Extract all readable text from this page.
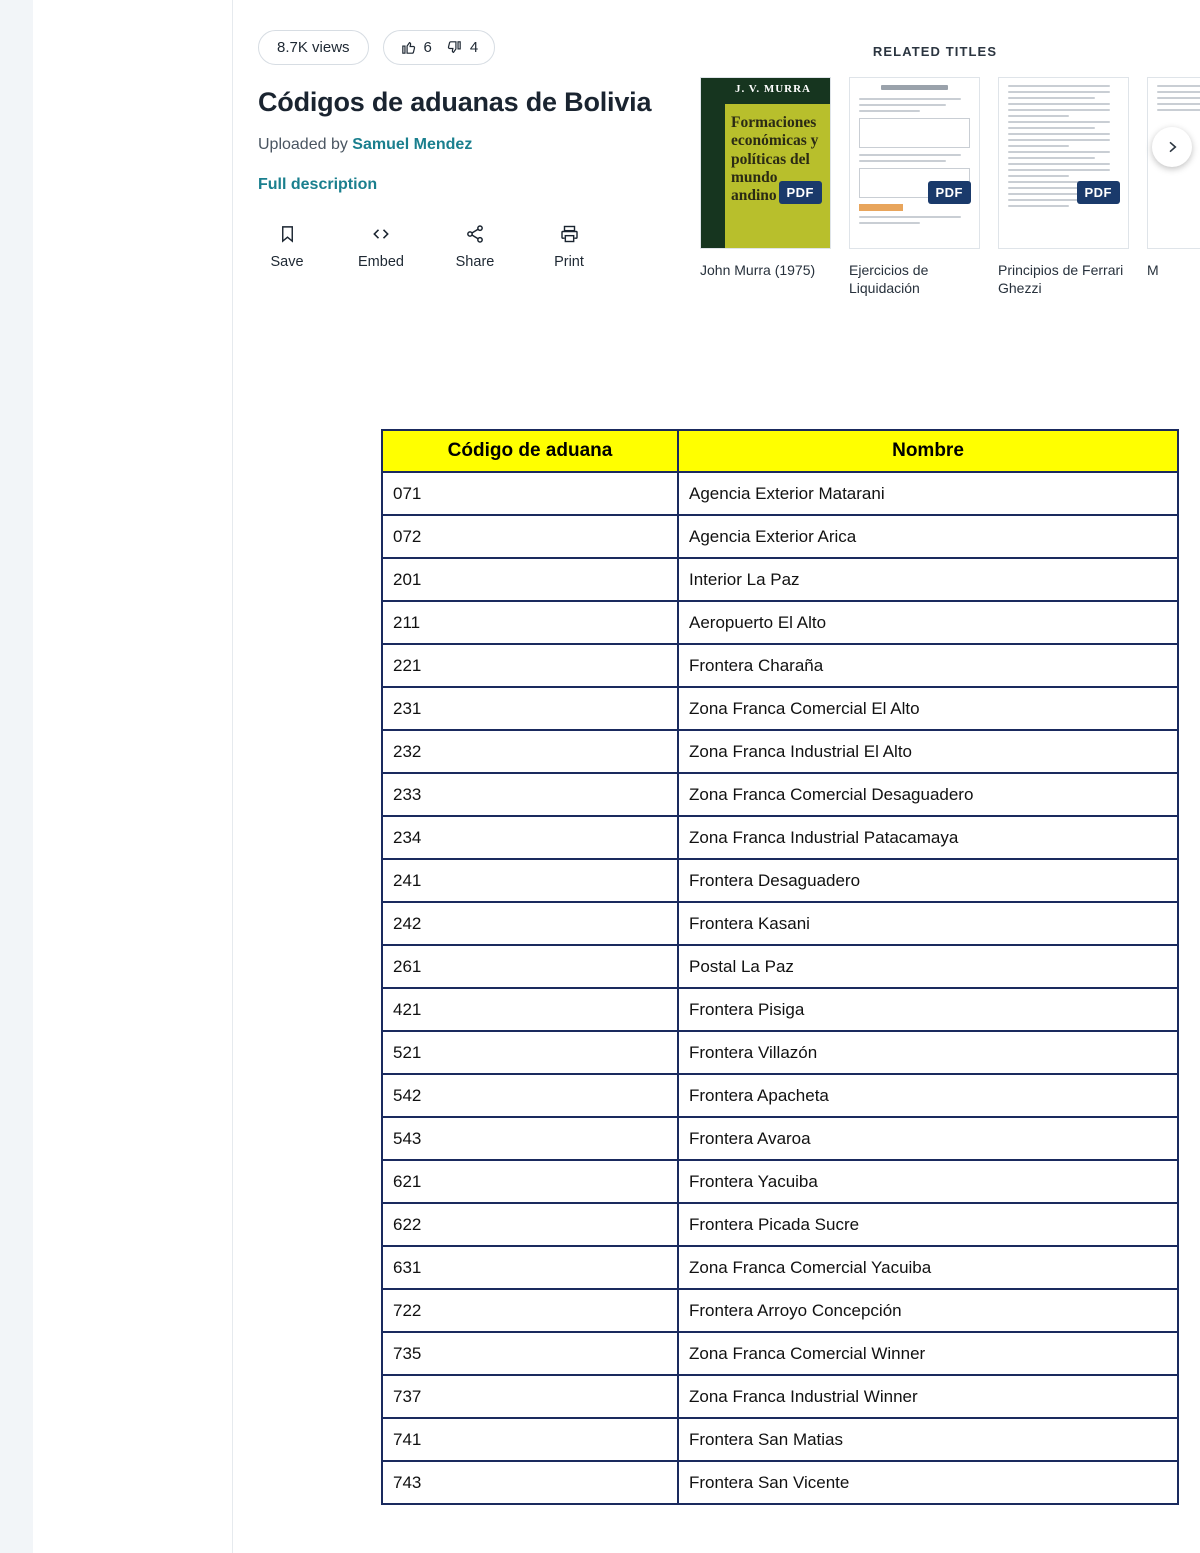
8.7K views	6	4
Códigos de aduanas de Bolivia
Uploaded by Samuel Mendez
Full description
Save	Embed	Share	Print
RELATED TITLES
J. V. MURRA
Formaciones económicas y políticas del mundo andino PDF
John Murra (1975)
PDF
Ejercicios de Liquidación
PDF
Principios de Ferrari Ghezzi
M
Código de aduana	Nombre
071	Agencia Exterior Matarani
072	Agencia Exterior Arica
201	Interior La Paz
211	Aeropuerto El Alto
221	Frontera Charaña
231	Zona Franca Comercial El Alto
232	Zona Franca Industrial El Alto
233	Zona Franca Comercial Desaguadero
234	Zona Franca Industrial Patacamaya
241	Frontera Desaguadero
242	Frontera Kasani
261	Postal La Paz
421	Frontera Pisiga
521	Frontera Villazón
542	Frontera Apacheta
543	Frontera Avaroa
621	Frontera Yacuiba
622	Frontera Picada Sucre
631	Zona Franca Comercial Yacuiba
722	Frontera Arroyo Concepción
735	Zona Franca Comercial Winner
737	Zona Franca Industrial Winner
741	Frontera San Matias
743	Frontera San Vicente
